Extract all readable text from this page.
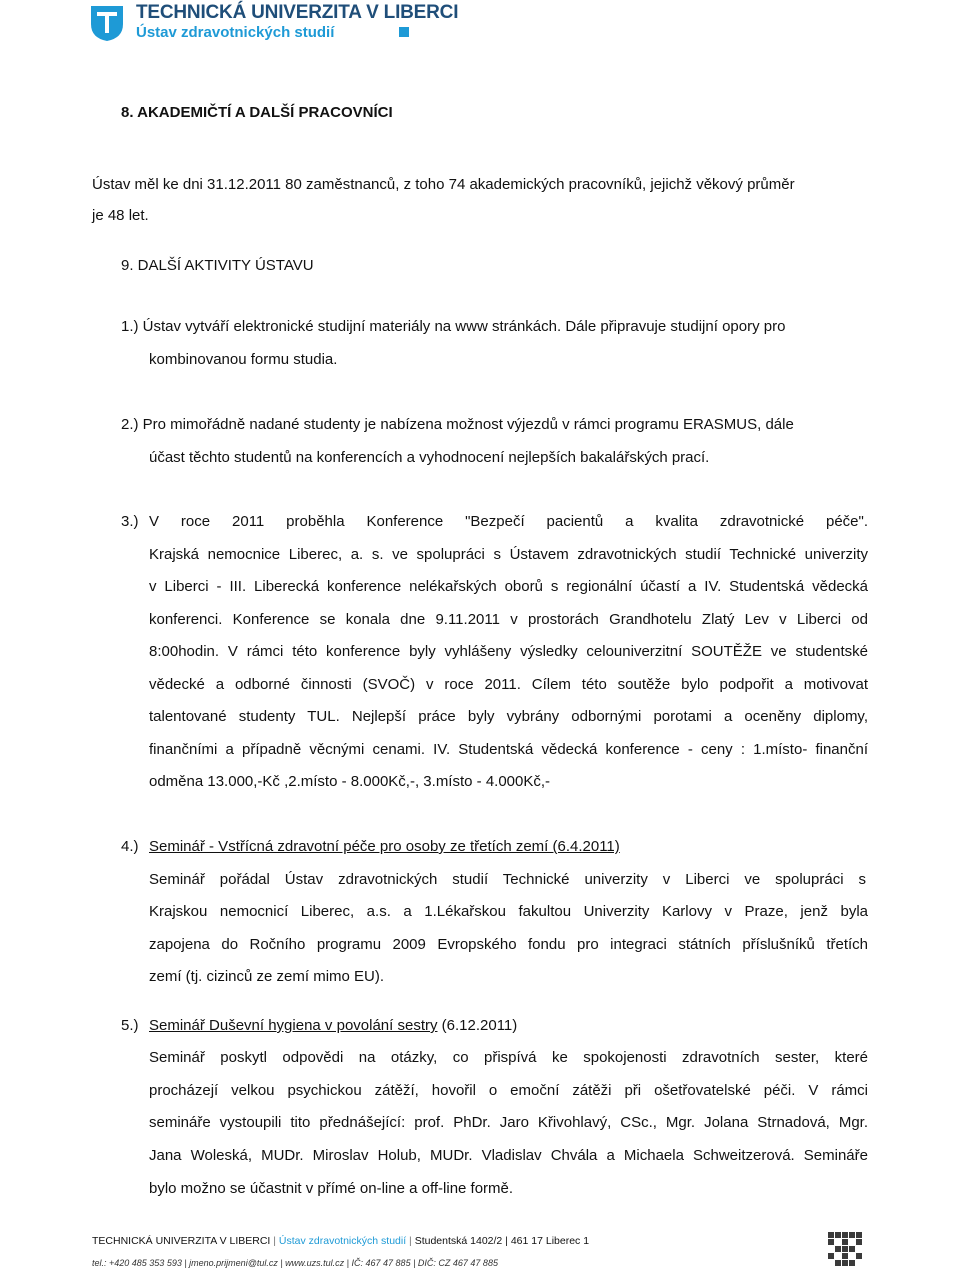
TECHNICKÁ UNIVERZITA V LIBERCI
Ústav zdravotnických studií
8. AKADEMIČTÍ A DALŠÍ PRACOVNÍCI
Ústav měl ke dni 31.12.2011 80 zaměstnanců, z toho 74 akademických pracovníků, jejichž věkový průměr
je 48 let.
9. DALŠÍ AKTIVITY ÚSTAVU
1.) Ústav vytváří elektronické studijní materiály na www stránkách. Dále připravuje studijní opory pro
kombinovanou formu studia.
2.) Pro mimořádně nadané studenty je nabízena možnost výjezdů v rámci programu ERASMUS, dále
účast těchto studentů na konferencích a vyhodnocení nejlepších bakalářských prací.
3.) V roce 2011 proběhla Konference "Bezpečí pacientů a kvalita zdravotnické péče".
Krajská nemocnice Liberec, a. s. ve spolupráci s Ústavem zdravotnických studií Technické univerzity
v Liberci - III. Liberecká konference nelékařských oborů s regionální účastí a IV. Studentská vědecká
konferenci. Konference se konala dne 9.11.2011 v prostorách Grandhotelu Zlatý Lev v Liberci od
8:00hodin. V rámci této konference byly vyhlášeny výsledky celouniverzitní SOUTĚŽE ve studentské
vědecké a odborné činnosti (SVOČ) v roce 2011. Cílem této soutěže bylo podpořit a motivovat
talentované studenty TUL. Nejlepší práce byly vybrány odbornými porotami a oceněny diplomy,
finančními a případně věcnými cenami. IV. Studentská vědecká konference - ceny : 1.místo- finanční
odměna 13.000,-Kč ,2.místo - 8.000Kč,-, 3.místo - 4.000Kč,-
4.) Seminář - Vstřícná zdravotní péče pro osoby ze třetích zemí (6.4.2011)
Seminář pořádal Ústav zdravotnických studií Technické univerzity v Liberci ve spolupráci s
Krajskou nemocnicí Liberec, a.s. a 1.Lékařskou fakultou Univerzity Karlovy v Praze, jenž byla
zapojena do Ročního programu 2009 Evropského fondu pro integraci státních příslušníků třetích
zemí (tj. cizinců ze zemí mimo EU).
5.) Seminář Duševní hygiena v povolání sestry (6.12.2011)
Seminář poskytl odpovědi na otázky, co přispívá ke spokojenosti zdravotních sester, které
procházejí velkou psychickou zátěží, hovořil o emoční zátěži při ošetřovatelské péči. V rámci
semináře vystoupili tito přednášející: prof. PhDr. Jaro Křivohlavý, CSc., Mgr. Jolana Strnadová, Mgr.
Jana Woleská, MUDr. Miroslav Holub, MUDr. Vladislav Chvála a Michaela Schweitzerová. Semináře
bylo možno se účastnit v přímé on-line a off-line formě.
TECHNICKÁ UNIVERZITA V LIBERCI | Ústav zdravotnických studií | Studentská 1402/2 | 461 17 Liberec 1
tel.: +420 485 353 593 | jmeno.prijmeni@tul.cz | www.uzs.tul.cz | IČ: 467 47 885 | DIČ: CZ 467 47 885
